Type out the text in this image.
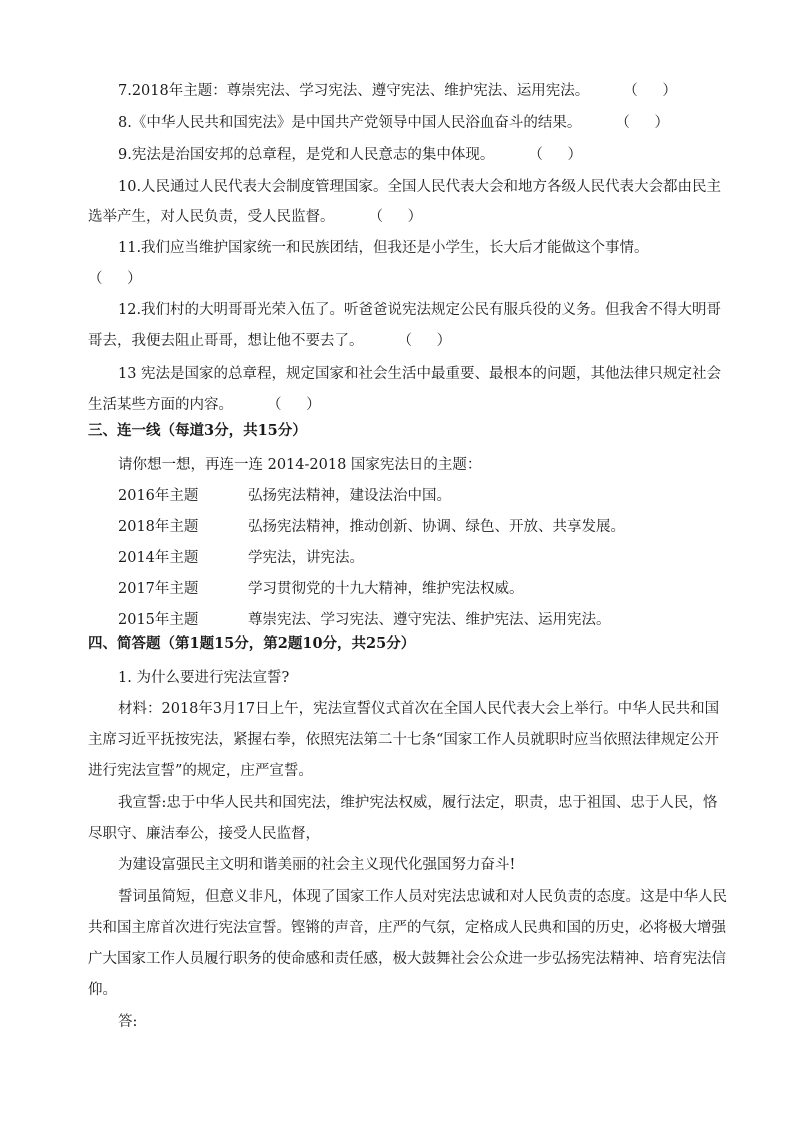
7.2018年主题：尊崇宪法、学习宪法、遵守宪法、维护宪法、运用宪法。 （ ）
8.《中华人民共和国宪法》是中国共产党领导中国人民浴血奋斗的结果。 （ ）
9.宪法是治国安邦的总章程，是党和人民意志的集中体现。 （ ）
10.人民通过人民代表大会制度管理国家。全国人民代表大会和地方各级人民代表大会都由民主
选举产生，对人民负责，受人民监督。 （ ）
11.我们应当维护国家统一和民族团结，但我还是小学生，长大后才能做这个事情。
（ ）
12.我们村的大明哥哥光荣入伍了。听爸爸说宪法规定公民有服兵役的义务。但我舍不得大明哥
哥去，我便去阻止哥哥，想让他不要去了。 （ ）
13 宪法是国家的总章程，规定国家和社会生活中最重要、最根本的问题，其他法律只规定社会
生活某些方面的内容。 （ ）
三、连一线（每道3分，共15分）
请你想一想，再连一连 2014-2018 国家宪法日的主题：
2016年主题	弘扬宪法精神，建设法治中国。
2018年主题	弘扬宪法精神，推动创新、协调、绿色、开放、共享发展。
2014年主题	学宪法，讲宪法。
2017年主题	学习贯彻党的十九大精神，维护宪法权威。
2015年主题	尊崇宪法、学习宪法、遵守宪法、维护宪法、运用宪法。
四、简答题（第1题15分，第2题10分，共25分）
1. 为什么要进行宪法宣誓?
材料：2018年3月17日上午，宪法宣誓仪式首次在全国人民代表大会上举行。中华人民共和国
主席习近平抚按宪法，紧握右拳，依照宪法第二十七条“国家工作人员就职时应当依照法律规定公开
进行宪法宣誓”的规定，庄严宣誓。
我宣誓:忠于中华人民共和国宪法，维护宪法权威，履行法定，职责，忠于祖国、忠于人民，恪
尽职守、廉洁奉公，接受人民监督，
为建设富强民主文明和谐美丽的社会主义现代化强国努力奋斗!
誓词虽简短，但意义非凡，体现了国家工作人员对宪法忠诚和对人民负责的态度。这是中华人民
共和国主席首次进行宪法宣誓。铿锵的声音，庄严的气氛，定格成人民典和国的历史，必将极大增强
广大国家工作人员履行职务的使命感和责任感，极大鼓舞社会公众进一步弘扬宪法精神、培育宪法信
仰。
答:
